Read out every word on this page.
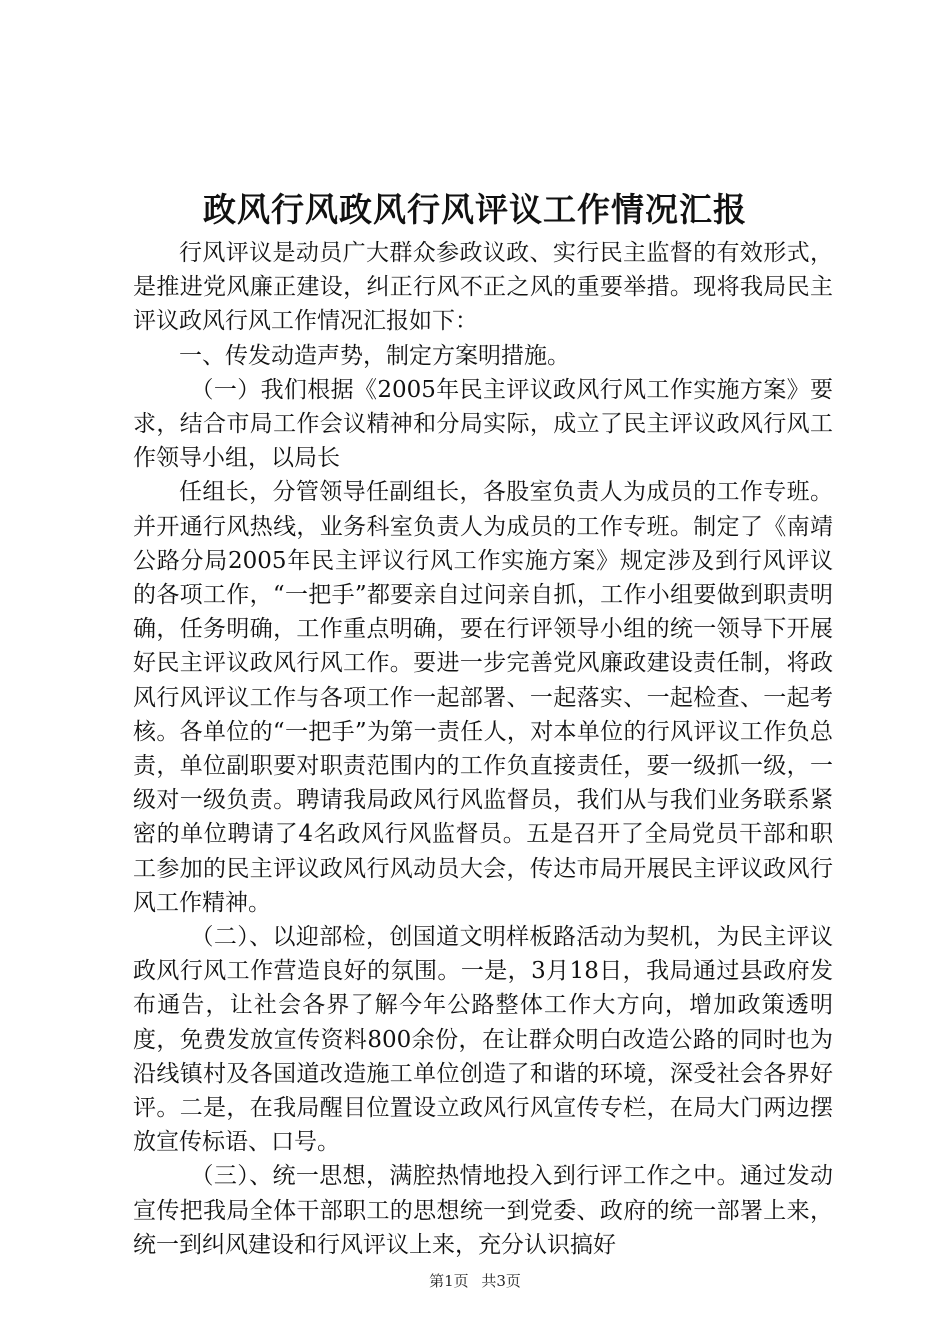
政风行风政风行风评议工作情况汇报

行风评议是动员广大群众参政议政、实行民主监督的有效形式，是推进党风廉正建设，纠正行风不正之风的重要举措。现将我局民主评议政风行风工作情况汇报如下：

一、传发动造声势，制定方案明措施。

（一）我们根据《2005年民主评议政风行风工作实施方案》要求，结合市局工作会议精神和分局实际，成立了民主评议政风行风工作领导小组，以局长

任组长，分管领导任副组长，各股室负责人为成员的工作专班。并开通行风热线，业务科室负责人为成员的工作专班。制定了《南靖公路分局2005年民主评议行风工作实施方案》规定涉及到行风评议的各项工作，“一把手”都要亲自过问亲自抓，工作小组要做到职责明确，任务明确，工作重点明确，要在行评领导小组的统一领导下开展好民主评议政风行风工作。要进一步完善党风廉政建设责任制，将政风行风评议工作与各项工作一起部署、一起落实、一起检查、一起考核。各单位的“一把手”为第一责任人，对本单位的行风评议工作负总责，单位副职要对职责范围内的工作负直接责任，要一级抓一级，一级对一级负责。聘请我局政风行风监督员，我们从与我们业务联系紧密的单位聘请了4名政风行风监督员。五是召开了全局党员干部和职工参加的民主评议政风行风动员大会，传达市局开展民主评议政风行风工作精神。

（二）、以迎部检，创国道文明样板路活动为契机，为民主评议政风行风工作营造良好的氛围。一是，3月18日，我局通过县政府发布通告，让社会各界了解今年公路整体工作大方向，增加政策透明度，免费发放宣传资料800余份，在让群众明白改造公路的同时也为沿线镇村及各国道改造施工单位创造了和谐的环境，深受社会各界好评。二是，在我局醒目位置设立政风行风宣传专栏，在局大门两边摆放宣传标语、口号。

（三）、统一思想，满腔热情地投入到行评工作之中。通过发动宣传把我局全体干部职工的思想统一到党委、政府的统一部署上来，统一到纠风建设和行风评议上来，充分认识搞好

第1页 共3页
